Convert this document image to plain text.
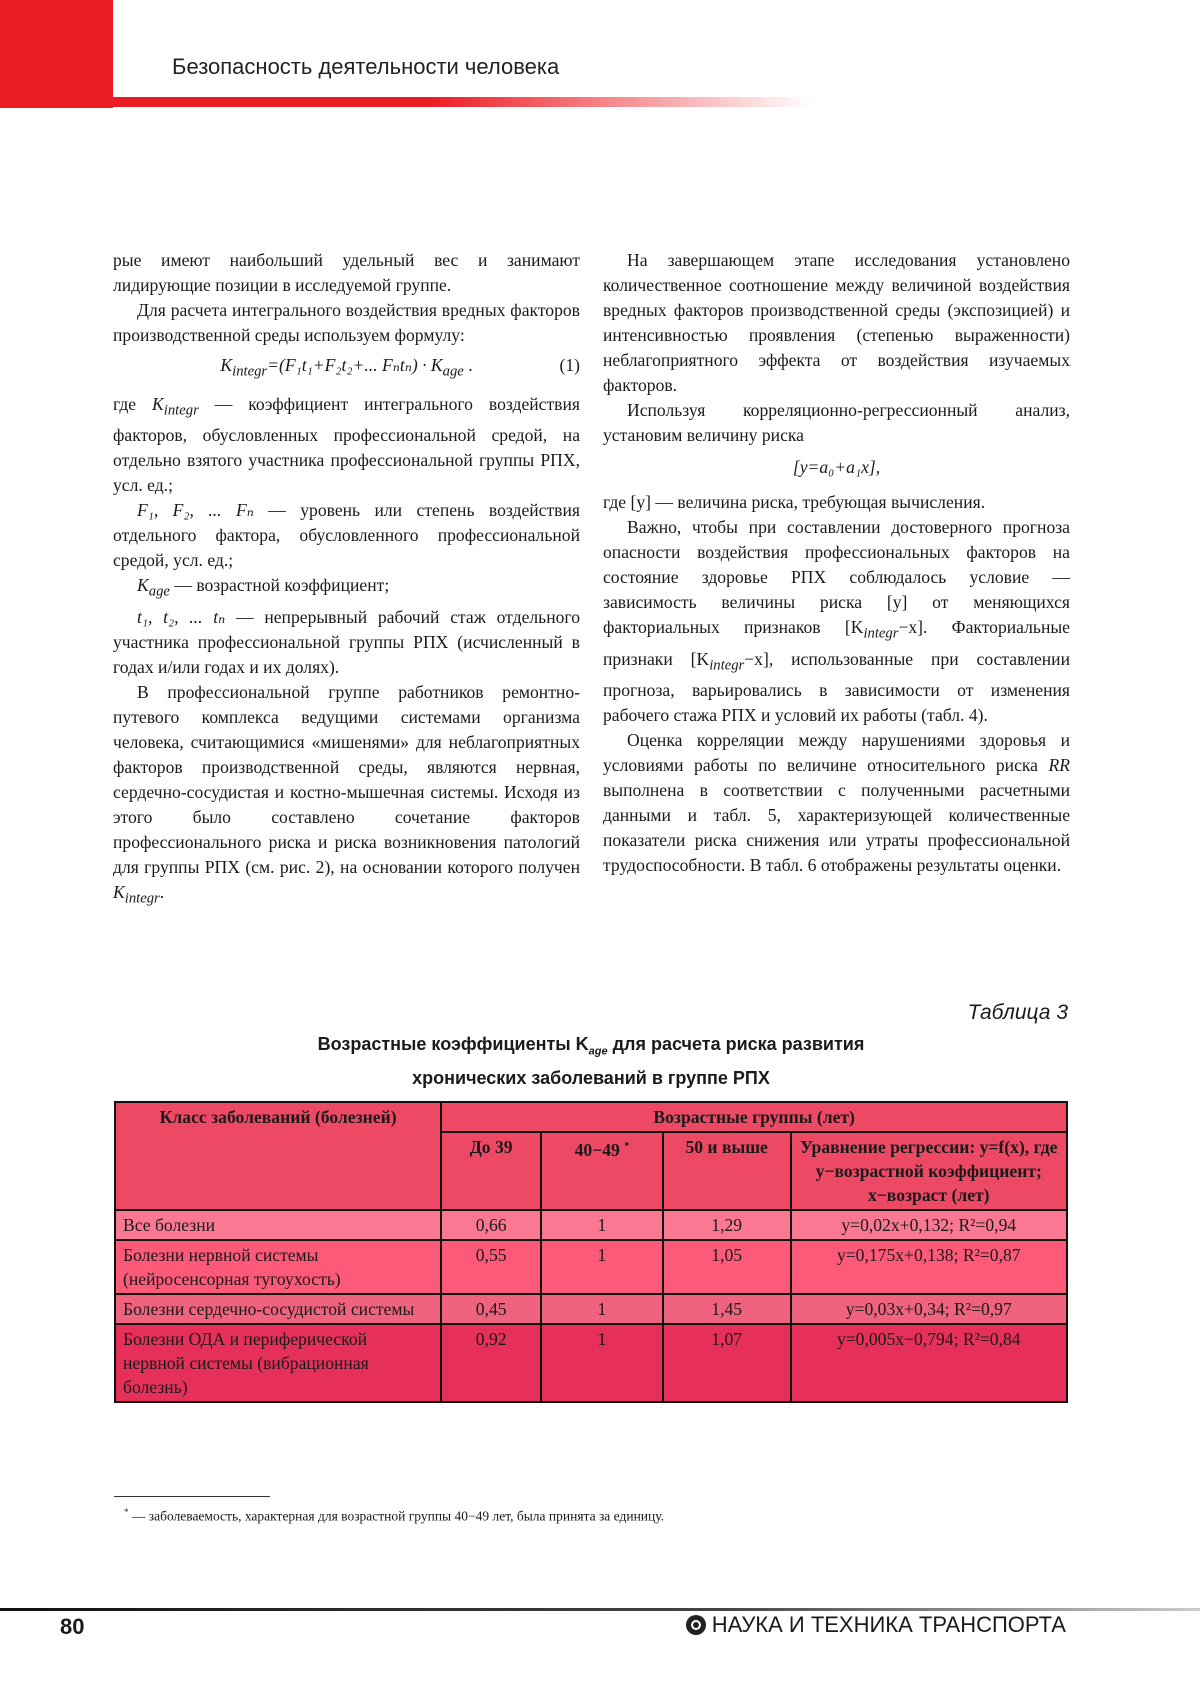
Безопасность деятельности человека

рые имеют наибольший удельный вес и занимают лидирующие позиции в исследуемой группе.

Для расчета интегрального воздействия вредных факторов производственной среды используем формулу:

$K_{integr}=(F_1t_1+F_2t_2+$... $F_nt_n) \cdot K_{age}$ .	(1)

где $K_{integr}$ — коэффициент интегрального воздействия факторов, обусловленных профессиональной средой, на отдельно взятого участника профессиональной группы РПХ, усл. ед.;

F₁, F₂, ... Fₙ — уровень или степень воздействия отдельного фактора, обусловленного профессиональной средой, усл. ед.;

$K_{age}$ — возрастной коэффициент;

t₁, t₂, ... tₙ — непрерывный рабочий стаж отдельного участника профессиональной группы РПХ (исчисленный в годах и/или годах и их долях).

В профессиональной группе работников ремонтно-путевого комплекса ведущими системами организма человека, считающимися «мишенями» для неблагоприятных факторов производственной среды, являются нервная, сердечно-сосудистая и костно-мышечная системы. Исходя из этого было составлено сочетание факторов профессионального риска и риска возникновения патологий для группы РПХ (см. рис. 2), на основании которого получен $K_{integr}$.

На завершающем этапе исследования установлено количественное соотношение между величиной воздействия вредных факторов производственной среды (экспозицией) и интенсивностью проявления (степенью выраженности) неблагоприятного эффекта от воздействия изучаемых факторов.

Используя корреляционно-регрессионный анализ, установим величину риска

[y=a₀+a₁x],

где [y] — величина риска, требующая вычисления.

Важно, чтобы при составлении достоверного прогноза опасности воздействия профессиональных факторов на состояние здоровье РПХ соблюдалось условие — зависимость величины риска [y] от меняющихся факториальных признаков $[K_{integr}-x]$. Факториальные признаки $[K_{integr}-x]$, использованные при составлении прогноза, варьировались в зависимости от изменения рабочего стажа РПХ и условий их работы (табл. 4).

Оценка корреляции между нарушениями здоровья и условиями работы по величине относительного риска RR выполнена в соответствии с полученными расчетными данными и табл. 5, характеризующей количественные показатели риска снижения или утраты профессиональной трудоспособности. В табл. 6 отображены результаты оценки.

Таблица 3
Возрастные коэффициенты $K_{age}$ для расчета риска развития
хронических заболеваний в группе РПХ
Класс заболеваний (болезней)	Возрастные группы (лет)			
	До 39	40−49 *	50 и выше	Уравнение регрессии: y=f(x), где y−возрастной коэффициент; x−возраст (лет)
Все болезни	0,66	1	1,29	y=0,02x+0,132; R²=0,94
Болезни нервной системы (нейросенсорная тугоухость)	0,55	1	1,05	y=0,175x+0,138; R²=0,87
Болезни сердечно-сосудистой системы	0,45	1	1,45	y=0,03x+0,34; R²=0,97
Болезни ОДА и периферической нервной системы (вибрационная болезнь)	0,92	1	1,07	y=0,005x−0,794; R²=0,84
* — заболеваемость, характерная для возрастной группы 40−49 лет, была принята за единицу.
80	НАУКА И ТЕХНИКА ТРАНСПОРТА
